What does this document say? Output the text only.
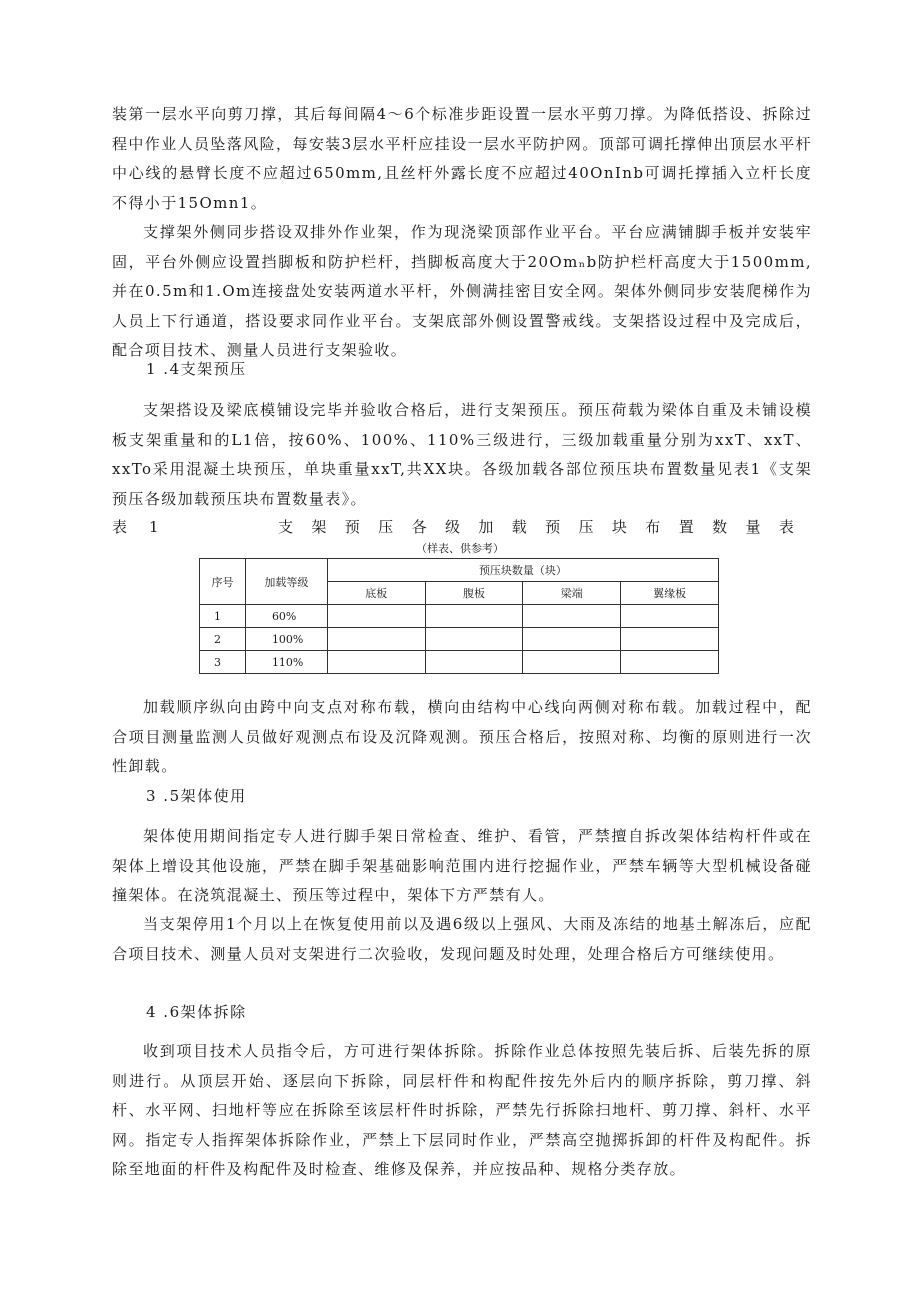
装第一层水平向剪刀撑，其后每间隔4～6个标准步距设置一层水平剪刀撑。为降低搭设、拆除过程中作业人员坠落风险，每安装3层水平杆应挂设一层水平防护网。顶部可调托撑伸出顶层水平杆中心线的悬臂长度不应超过650mm,且丝杆外露长度不应超过40OnInb可调托撑插入立杆长度不得小于15Omn1。

支撑架外侧同步搭设双排外作业架，作为现浇梁顶部作业平台。平台应满铺脚手板并安装牢固，平台外侧应设置挡脚板和防护栏杆，挡脚板高度大于20Omₙb防护栏杆高度大于1500mm,并在0.5m和1.Om连接盘处安装两道水平杆，外侧满挂密目安全网。架体外侧同步安装爬梯作为人员上下行通道，搭设要求同作业平台。支架底部外侧设置警戒线。支架搭设过程中及完成后，配合项目技术、测量人员进行支架验收。

1 .4支架预压

支架搭设及梁底模铺设完毕并验收合格后，进行支架预压。预压荷载为梁体自重及未铺设模板支架重量和的L1倍，按60%、100%、110%三级进行，三级加载重量分别为xxT、xxT、xxTo采用混凝土块预压，单块重量xxT,共XX块。各级加载各部位预压块布置数量见表1《支架预压各级加载预压块布置数量表》。

表1	支 架 预 压 各 级 加 载 预 压 块 布 置 数 量 表

（样表、供参考）

序号	加载等级	预压块数量（块）			
		底板	腹板	梁端	翼缘板
1	60%				
2	100%				
3	110%				

加载顺序纵向由跨中向支点对称布载，横向由结构中心线向两侧对称布载。加载过程中，配合项目测量监测人员做好观测点布设及沉降观测。预压合格后，按照对称、均衡的原则进行一次性卸载。

3 .5架体使用

架体使用期间指定专人进行脚手架日常检查、维护、看管，严禁擅自拆改架体结构杆件或在架体上增设其他设施，严禁在脚手架基础影响范围内进行挖掘作业，严禁车辆等大型机械设备碰撞架体。在浇筑混凝土、预压等过程中，架体下方严禁有人。

当支架停用1个月以上在恢复使用前以及遇6级以上强风、大雨及冻结的地基土解冻后，应配合项目技术、测量人员对支架进行二次验收，发现问题及时处理，处理合格后方可继续使用。

4 .6架体拆除

收到项目技术人员指令后，方可进行架体拆除。拆除作业总体按照先装后拆、后装先拆的原则进行。从顶层开始、逐层向下拆除，同层杆件和构配件按先外后内的顺序拆除，剪刀撑、斜杆、水平网、扫地杆等应在拆除至该层杆件时拆除，严禁先行拆除扫地杆、剪刀撑、斜杆、水平网。指定专人指挥架体拆除作业，严禁上下层同时作业，严禁高空抛掷拆卸的杆件及构配件。拆除至地面的杆件及构配件及时检查、维修及保养，并应按品种、规格分类存放。
